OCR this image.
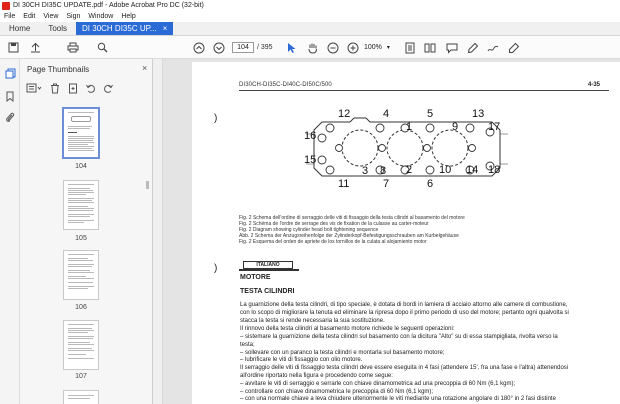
DI 30CH DI35C UPDATE.pdf - Adobe Acrobat Pro DC (32-bit)
File Edit View Sign Window Help
Home	Tools	DI 30CH DI35C UP... ×
104	/ 395	100% ▾
Page Thumbnails	×
104
105
106
107
DI30CH-DI35C-DI40C-DI50C/500	4-35
)
)
12	4
1
5	13
9	17
16
15
18
3	2 10 14
11	7	6
8
Fig. 2 Schema dell'ordine di serraggio delle viti di fissaggio della testa cilindri al basamento del motore
Fig. 2 Schéma de l'ordre de serrage des vis de fixation de la culasse au carter-moteur
Fig. 2 Diagram showing cylinder head bolt tightening sequence
Abb. 2 Schema der Anzugsreihenfolge der Zylinderkopf-Befestigungsschrauben am Kurbelgehäuse
Fig. 2 Esquema del orden de apriete de los tornillos de la culata al alojamiento motor
ITALIANO
MOTORE
TESTA CILINDRI
La guarnizione della testa cilindri, di tipo speciale, è dotata di bordi in lamiera di acciaio attorno alle camere di combustione,
con lo scopo di migliorare la tenuta ed eliminare la ripresa dopo il primo periodo di uso del motore; pertanto ogni qualvolta si
stacca la testa si rende necessaria la sua sostituzione.
Il rinnovo della testa cilindri al basamento motore richiede le seguenti operazioni:
– sistemare la guarnizione della testa cilindri sul basamento con la dicitura "Alto" su di essa stampigliata, rivolta verso la
testa;
– sollevare con un paranco la testa cilindri e montarla sul basamento motore;
– lubrificare le viti di fissaggio con olio motore.
Il serraggio delle viti di fissaggio testa cilindri deve essere eseguita in 4 fasi (attendere 15', fra una fase e l'altra) attenendosi
all'ordine riportato nella figura e procedendo come segue:
– avvitare le viti di serraggio e serrarle con chiave dinamometrica ad una precoppia di 60 Nm (6,1 kgm);
– controllare con chiave dinamometrica le precoppia di 60 Nm (6,1 kgm);
– con una normale chiave a leva chiudere ulteriormente le viti mediante una rotazione angolare di 180° in 2 fasi distinte
